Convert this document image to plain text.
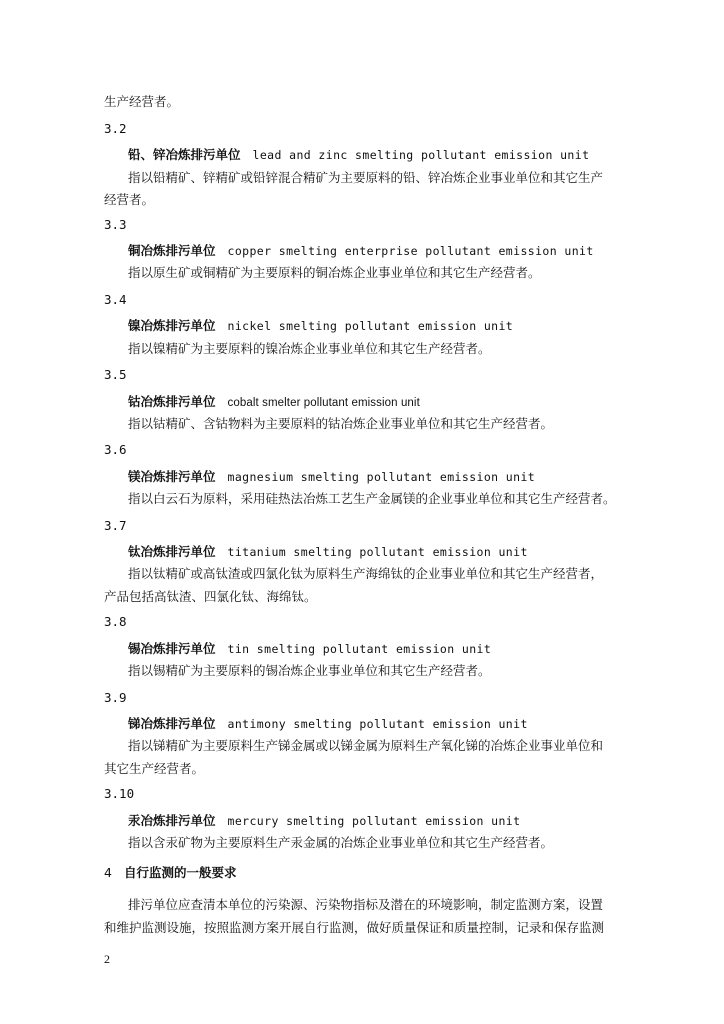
生产经营者。
3.2
铅、锌冶炼排污单位 lead and zinc smelting pollutant emission unit
指以铅精矿、锌精矿或铅锌混合精矿为主要原料的铅、锌冶炼企业事业单位和其它生产
经营者。
3.3
铜冶炼排污单位 copper smelting enterprise pollutant emission unit
指以原生矿或铜精矿为主要原料的铜冶炼企业事业单位和其它生产经营者。
3.4
镍冶炼排污单位 nickel smelting pollutant emission unit
指以镍精矿为主要原料的镍冶炼企业事业单位和其它生产经营者。
3.5
钴冶炼排污单位 cobalt smelter pollutant emission unit
指以钴精矿、含钴物料为主要原料的钴冶炼企业事业单位和其它生产经营者。
3.6
镁冶炼排污单位 magnesium smelting pollutant emission unit
指以白云石为原料，采用硅热法冶炼工艺生产金属镁的企业事业单位和其它生产经营者。
3.7
钛冶炼排污单位 titanium smelting pollutant emission unit
指以钛精矿或高钛渣或四氯化钛为原料生产海绵钛的企业事业单位和其它生产经营者，
产品包括高钛渣、四氯化钛、海绵钛。
3.8
锡冶炼排污单位 tin smelting pollutant emission unit
指以锡精矿为主要原料的锡冶炼企业事业单位和其它生产经营者。
3.9
锑冶炼排污单位 antimony smelting pollutant emission unit
指以锑精矿为主要原料生产锑金属或以锑金属为原料生产氧化锑的冶炼企业事业单位和
其它生产经营者。
3.10
汞冶炼排污单位 mercury smelting pollutant emission unit
指以含汞矿物为主要原料生产汞金属的冶炼企业事业单位和其它生产经营者。
4 自行监测的一般要求
排污单位应查清本单位的污染源、污染物指标及潜在的环境影响，制定监测方案，设置
和维护监测设施，按照监测方案开展自行监测，做好质量保证和质量控制，记录和保存监测
2
